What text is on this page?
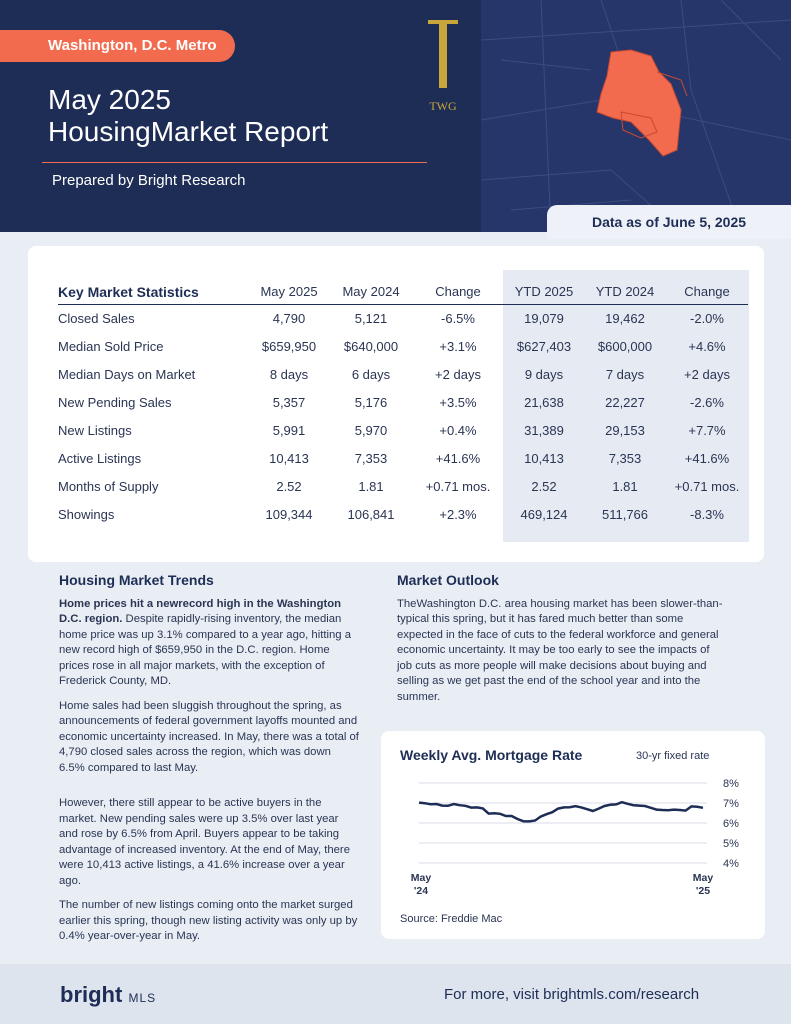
Washington, D.C. Metro
May 2025
HousingMarket Report
Prepared by Bright Research
TWG
Data as of June 5, 2025
Key Market Statistics	May 2025	May 2024	Change	YTD 2025	YTD 2024	Change
Closed Sales	4,790	5,121	-6.5%	19,079	19,462	-2.0%
Median Sold Price	$659,950	$640,000	+3.1%	$627,403	$600,000	+4.6%
Median Days on Market	8 days	6 days	+2 days	9 days	7 days	+2 days
New Pending Sales	5,357	5,176	+3.5%	21,638	22,227	-2.6%
New Listings	5,991	5,970	+0.4%	31,389	29,153	+7.7%
Active Listings	10,413	7,353	+41.6%	10,413	7,353	+41.6%
Months of Supply	2.52	1.81	+0.71 mos.	2.52	1.81	+0.71 mos.
Showings	109,344	106,841	+2.3%	469,124	511,766	-8.3%
Housing Market Trends

Home prices hit a newrecord high in the Washington D.C. region. Despite rapidly-rising inventory, the median home price was up 3.1% compared to a year ago, hitting a new record high of $659,950 in the D.C. region. Home prices rose in all major markets, with the exception of Frederick County, MD.

Home sales had been sluggish throughout the spring, as announcements of federal government layoffs mounted and economic uncertainty increased. In May, there was a total of 4,790 closed sales across the region, which was down 6.5% compared to last May.

However, there still appear to be active buyers in the market. New pending sales were up 3.5% over last year and rose by 6.5% from April. Buyers appear to be taking advantage of increased inventory. At the end of May, there were 10,413 active listings, a 41.6% increase over a year ago.

The number of new listings coming onto the market surged earlier this spring, though new listing activity was only up by 0.4% year-over-year in May.

Market Outlook

TheWashington D.C. area housing market has been slower-than-typical this spring, but it has fared much better than some expected in the face of cuts to the federal workforce and general economic uncertainty. It may be too early to see the impacts of job cuts as more people will make decisions about buying and selling as we get past the end of the school year and into the summer.

8%
7%
6%
5%
4%
May
'24
May
'25
Weekly Avg. Mortgage Rate	30-yr fixed rate
Source: Freddie Mac
bright MLS	For more, visit brightmls.com/research
